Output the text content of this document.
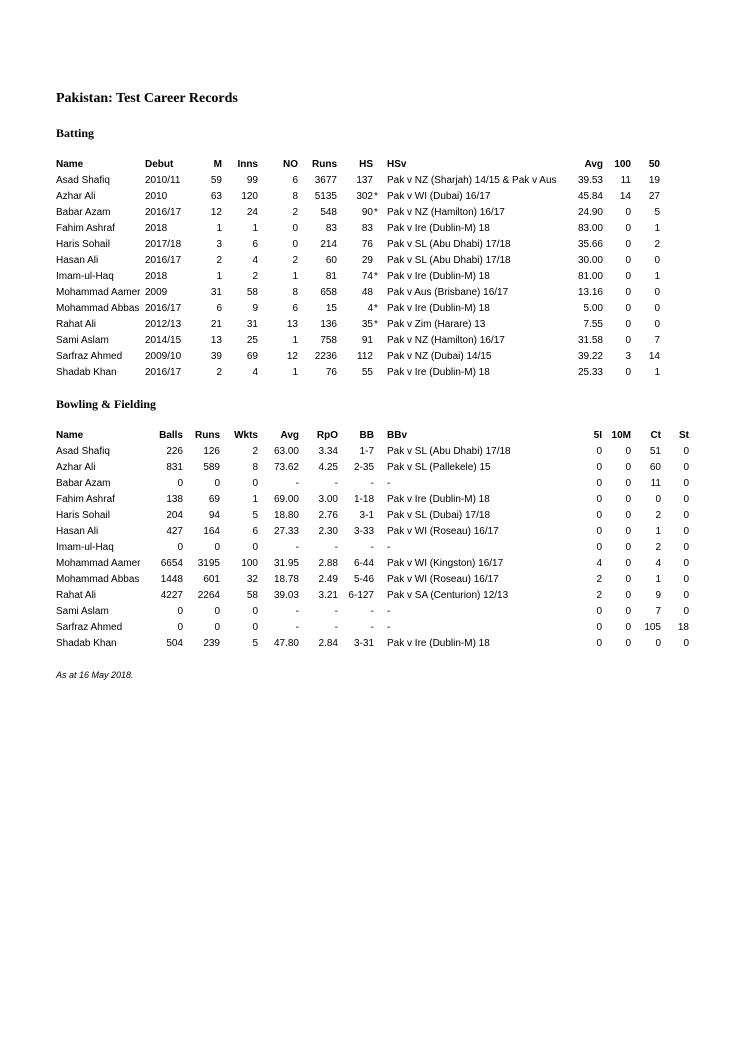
Pakistan: Test Career Records
Batting
Name	Debut	M	Inns	NO	Runs	HS HSv	Avg	100	50
Asad Shafiq	2010/11	59	99	6	3677	137 Pak v NZ (Sharjah) 14/15 & Pak v Aus	39.53	11	19
Azhar Ali	2010	63	120	8	5135	302 * Pak v WI (Dubai) 16/17	45.84	14	27
Babar Azam	2016/17	12	24	2	548	90 * Pak v NZ (Hamilton) 16/17	24.90	0	5
Fahim Ashraf	2018	1	1	0	83	83 Pak v Ire (Dublin-M) 18	83.00	0	1
Haris Sohail	2017/18	3	6	0	214	76 Pak v SL (Abu Dhabi) 17/18	35.66	0	2
Hasan Ali	2016/17	2	4	2	60	29 Pak v SL (Abu Dhabi) 17/18	30.00	0	0
Imam-ul-Haq	2018	1	2	1	81	74 * Pak v Ire (Dublin-M) 18	81.00	0	1
Mohammad Aamer 2009	31	58	8	658	48 Pak v Aus (Brisbane) 16/17	13.16	0	0
Mohammad Abbas 2016/17	6	9	6	15	4 * Pak v Ire (Dublin-M) 18	5.00	0	0
Rahat Ali	2012/13	21	31	13	136	35 * Pak v Zim (Harare) 13	7.55	0	0
Sami Aslam	2014/15	13	25	1	758	91 Pak v NZ (Hamilton) 16/17	31.58	0	7
Sarfraz Ahmed	2009/10	39	69	12	2236	112 Pak v NZ (Dubai) 14/15	39.22	3	14
Shadab Khan	2016/17	2	4	1	76	55 Pak v Ire (Dublin-M) 18	25.33	0	1
Bowling & Fielding
Name	Balls	Runs	Wkts	Avg	RpO	BB BBv	5I 10M	Ct	St
Asad Shafiq	226	126	2	63.00	3.34	1-7 Pak v SL (Abu Dhabi) 17/18	0	0	51	0
Azhar Ali	831	589	8	73.62	4.25	2-35 Pak v SL (Pallekele) 15	0	0	60	0
Babar Azam	0	0	0	-	-	- -	0	0	11	0
Fahim Ashraf	138	69	1	69.00	3.00	1-18 Pak v Ire (Dublin-M) 18	0	0	0	0
Haris Sohail	204	94	5	18.80	2.76	3-1 Pak v SL (Dubai) 17/18	0	0	2	0
Hasan Ali	427	164	6	27.33	2.30	3-33 Pak v WI (Roseau) 16/17	0	0	1	0
Imam-ul-Haq	0	0	0	-	-	- -	0	0	2	0
Mohammad Aamer	6654	3195	100	31.95	2.88	6-44 Pak v WI (Kingston) 16/17	4	0	4	0
Mohammad Abbas	1448	601	32	18.78	2.49	5-46 Pak v WI (Roseau) 16/17	2	0	1	0
Rahat Ali	4227	2264	58	39.03	3.21	6-127 Pak v SA (Centurion) 12/13	2	0	9	0
Sami Aslam	0	0	0	-	-	- -	0	0	7	0
Sarfraz Ahmed	0	0	0	-	-	- -	0	0	105	18
Shadab Khan	504	239	5	47.80	2.84	3-31 Pak v Ire (Dublin-M) 18	0	0	0	0
As at 16 May 2018.
